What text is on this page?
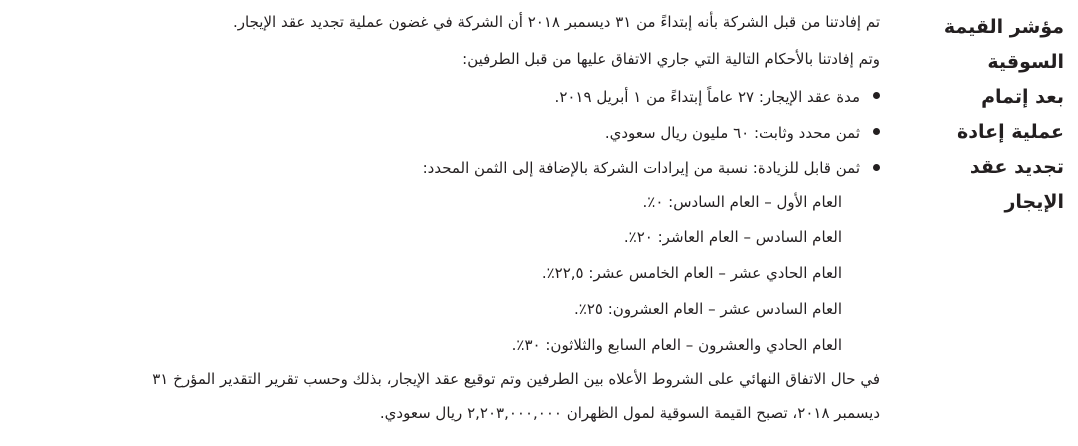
مؤشر القيمة
السوقية
بعد إتمام
عملية إعادة
تجديد عقد
الإيجار
تم إفادتنا من قبل الشركة بأنه إبتداءً من ٣١ ديسمبر ٢٠١٨ أن الشركة في غضون عملية تجديد عقد الإيجار.
وتم إفادتنا بالأحكام التالية التي جاري الاتفاق عليها من قبل الطرفين:
مدة عقد الإيجار: ٢٧ عاماً إبتداءً من ١ أبريل ٢٠١٩.
ثمن محدد وثابت: ٦٠ مليون ريال سعودي.
ثمن قابل للزيادة: نسبة من إيرادات الشركة بالإضافة إلى الثمن المحدد:
العام الأول – العام السادس: ٠٪.
العام السادس – العام العاشر: ٢٠٪.
العام الحادي عشر – العام الخامس عشر: ٢٢,٥٪.
العام السادس عشر – العام العشرون: ٢٥٪.
العام الحادي والعشرون – العام السابع والثلاثون: ٣٠٪.
في حال الاتفاق النهائي على الشروط الأعلاه بين الطرفين وتم توقيع عقد الإيجار، بذلك وحسب تقرير التقدير المؤرخ ٣١
ديسمبر ٢٠١٨، تصبح القيمة السوقية لمول الظهران ٢,٢٠٣,٠٠٠,٠٠٠ ريال سعودي.
